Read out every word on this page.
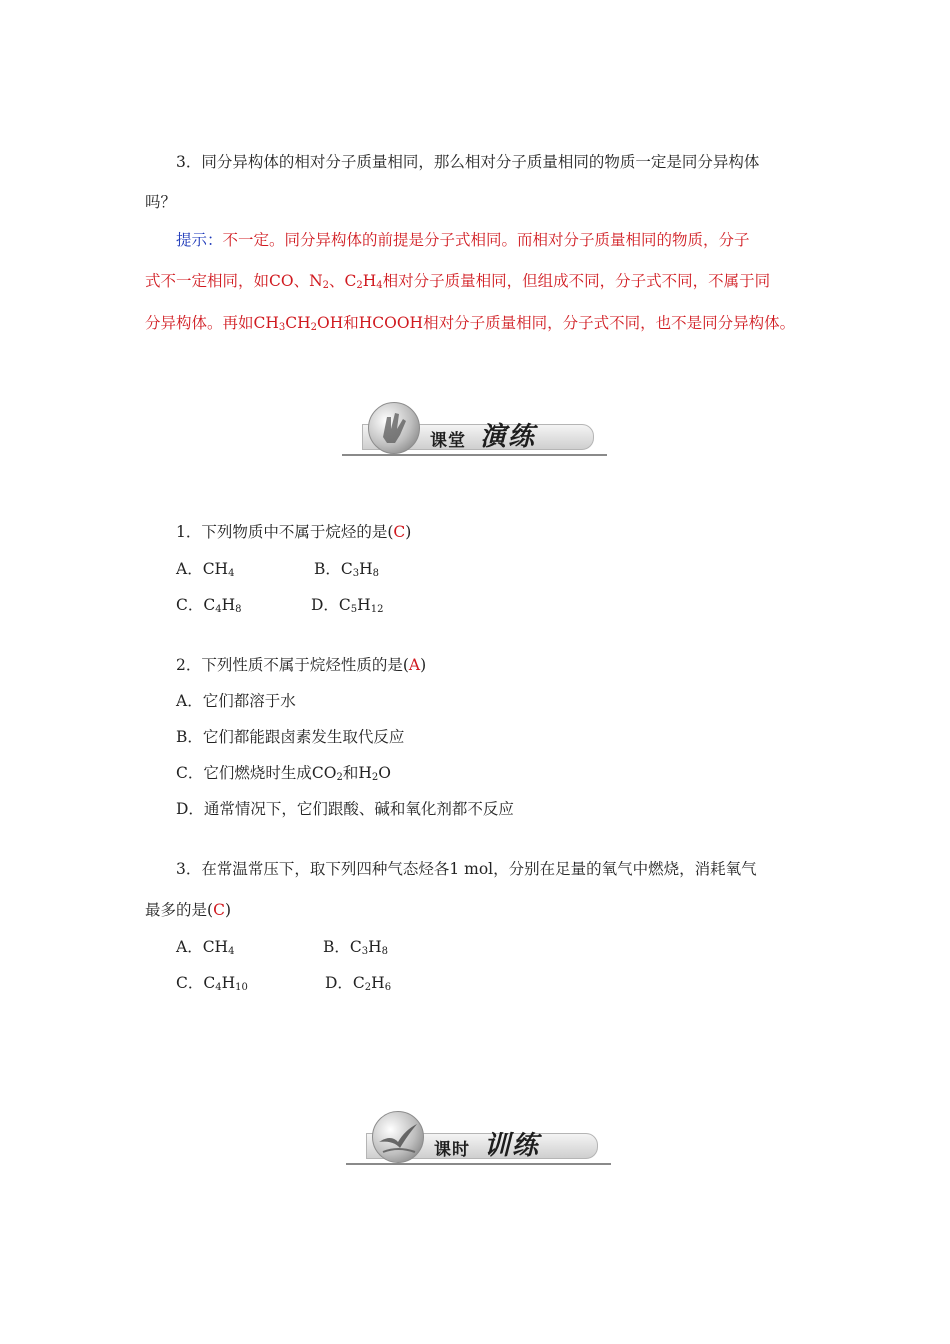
3．同分异构体的相对分子质量相同，那么相对分子质量相同的物质一定是同分异构体
吗？
提示：不一定。同分异构体的前提是分子式相同。而相对分子质量相同的物质，分子
式不一定相同，如CO、$N_2$、$C_2H_4$相对分子质量相同，但组成不同，分子式不同，不属于同
分异构体。再如$CH_3CH_2OH$和HCOOH相对分子质量相同，分子式不同，也不是同分异构体。
课堂 演练
1．下列物质中不属于烷烃的是(C)
A．$CH_4$	B．$C_3H_8$
C．$C_4H_8$	D．$C_5H_{12}$
2．下列性质不属于烷烃性质的是(A)
A．它们都溶于水
B．它们都能跟卤素发生取代反应
C．它们燃烧时生成$CO_2$和$H_2O$
D．通常情况下，它们跟酸、碱和氧化剂都不反应
3．在常温常压下，取下列四种气态烃各1 mol，分别在足量的氧气中燃烧，消耗氧气
最多的是(C)
A．$CH_4$	B．$C_3H_8$
C．$C_4H_{10}$	D．$C_2H_6$
课时 训练
